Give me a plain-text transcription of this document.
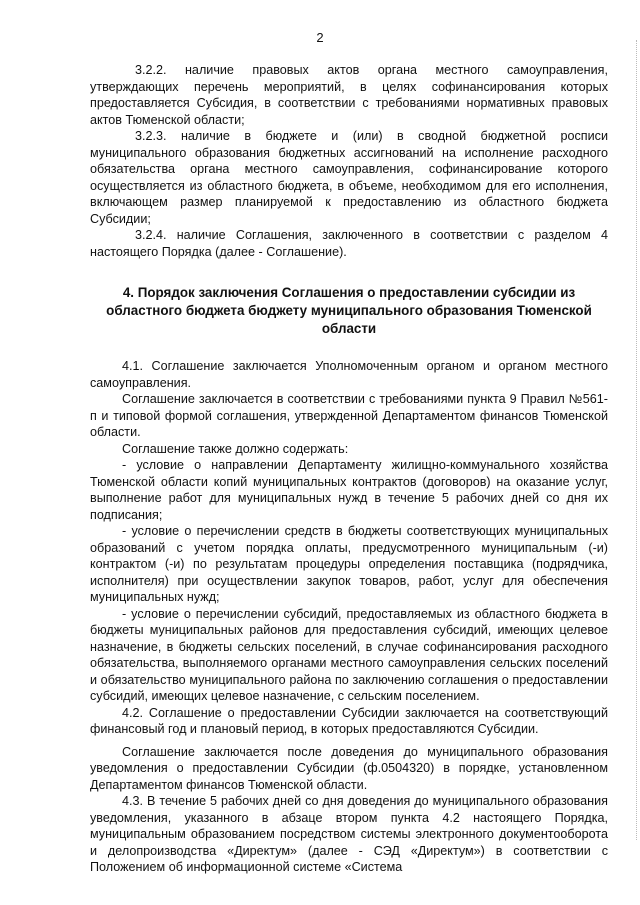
2

3.2.2. наличие правовых актов органа местного самоуправления, утверждающих перечень мероприятий, в целях софинансирования которых предоставляется Субсидия, в соответствии с требованиями нормативных правовых актов Тюменской области;

3.2.3. наличие в бюджете и (или) в сводной бюджетной росписи муниципального образования бюджетных ассигнований на исполнение расходного обязательства органа местного самоуправления, софинансирование которого осуществляется из областного бюджета, в объеме, необходимом для его исполнения, включающем размер планируемой к предоставлению из областного бюджета Субсидии;

3.2.4. наличие Соглашения, заключенного в соответствии с разделом 4 настоящего Порядка (далее - Соглашение).

4. Порядок заключения Соглашения о предоставлении субсидии из областного бюджета бюджету муниципального образования Тюменской области

4.1. Соглашение заключается Уполномоченным органом и органом местного самоуправления.

Соглашение заключается в соответствии с требованиями пункта 9 Правил №561-п и типовой формой соглашения, утвержденной Департаментом финансов Тюменской области.

Соглашение также должно содержать:

- условие о направлении Департаменту жилищно-коммунального хозяйства Тюменской области копий муниципальных контрактов (договоров) на оказание услуг, выполнение работ для муниципальных нужд в течение 5 рабочих дней со дня их подписания;

- условие о перечислении средств в бюджеты соответствующих муниципальных образований с учетом порядка оплаты, предусмотренного муниципальным (-и) контрактом (-и) по результатам процедуры определения поставщика (подрядчика, исполнителя) при осуществлении закупок товаров, работ, услуг для обеспечения муниципальных нужд;

- условие о перечислении субсидий, предоставляемых из областного бюджета в бюджеты муниципальных районов для предоставления субсидий, имеющих целевое назначение, в бюджеты сельских поселений, в случае софинансирования расходного обязательства, выполняемого органами местного самоуправления сельских поселений и обязательство муниципального района по заключению соглашения о предоставлении субсидий, имеющих целевое назначение, с сельским поселением.

4.2. Соглашение о предоставлении Субсидии заключается на соответствующий финансовый год и плановый период, в которых предоставляются Субсидии.

Соглашение заключается после доведения до муниципального образования уведомления о предоставлении Субсидии (ф.0504320) в порядке, установленном Департаментом финансов Тюменской области.

4.3. В течение 5 рабочих дней со дня доведения до муниципального образования уведомления, указанного в абзаце втором пункта 4.2 настоящего Порядка, муниципальным образованием посредством системы электронного документооборота и делопроизводства «Директум» (далее - СЭД «Директум») в соответствии с Положением об информационной системе «Система
